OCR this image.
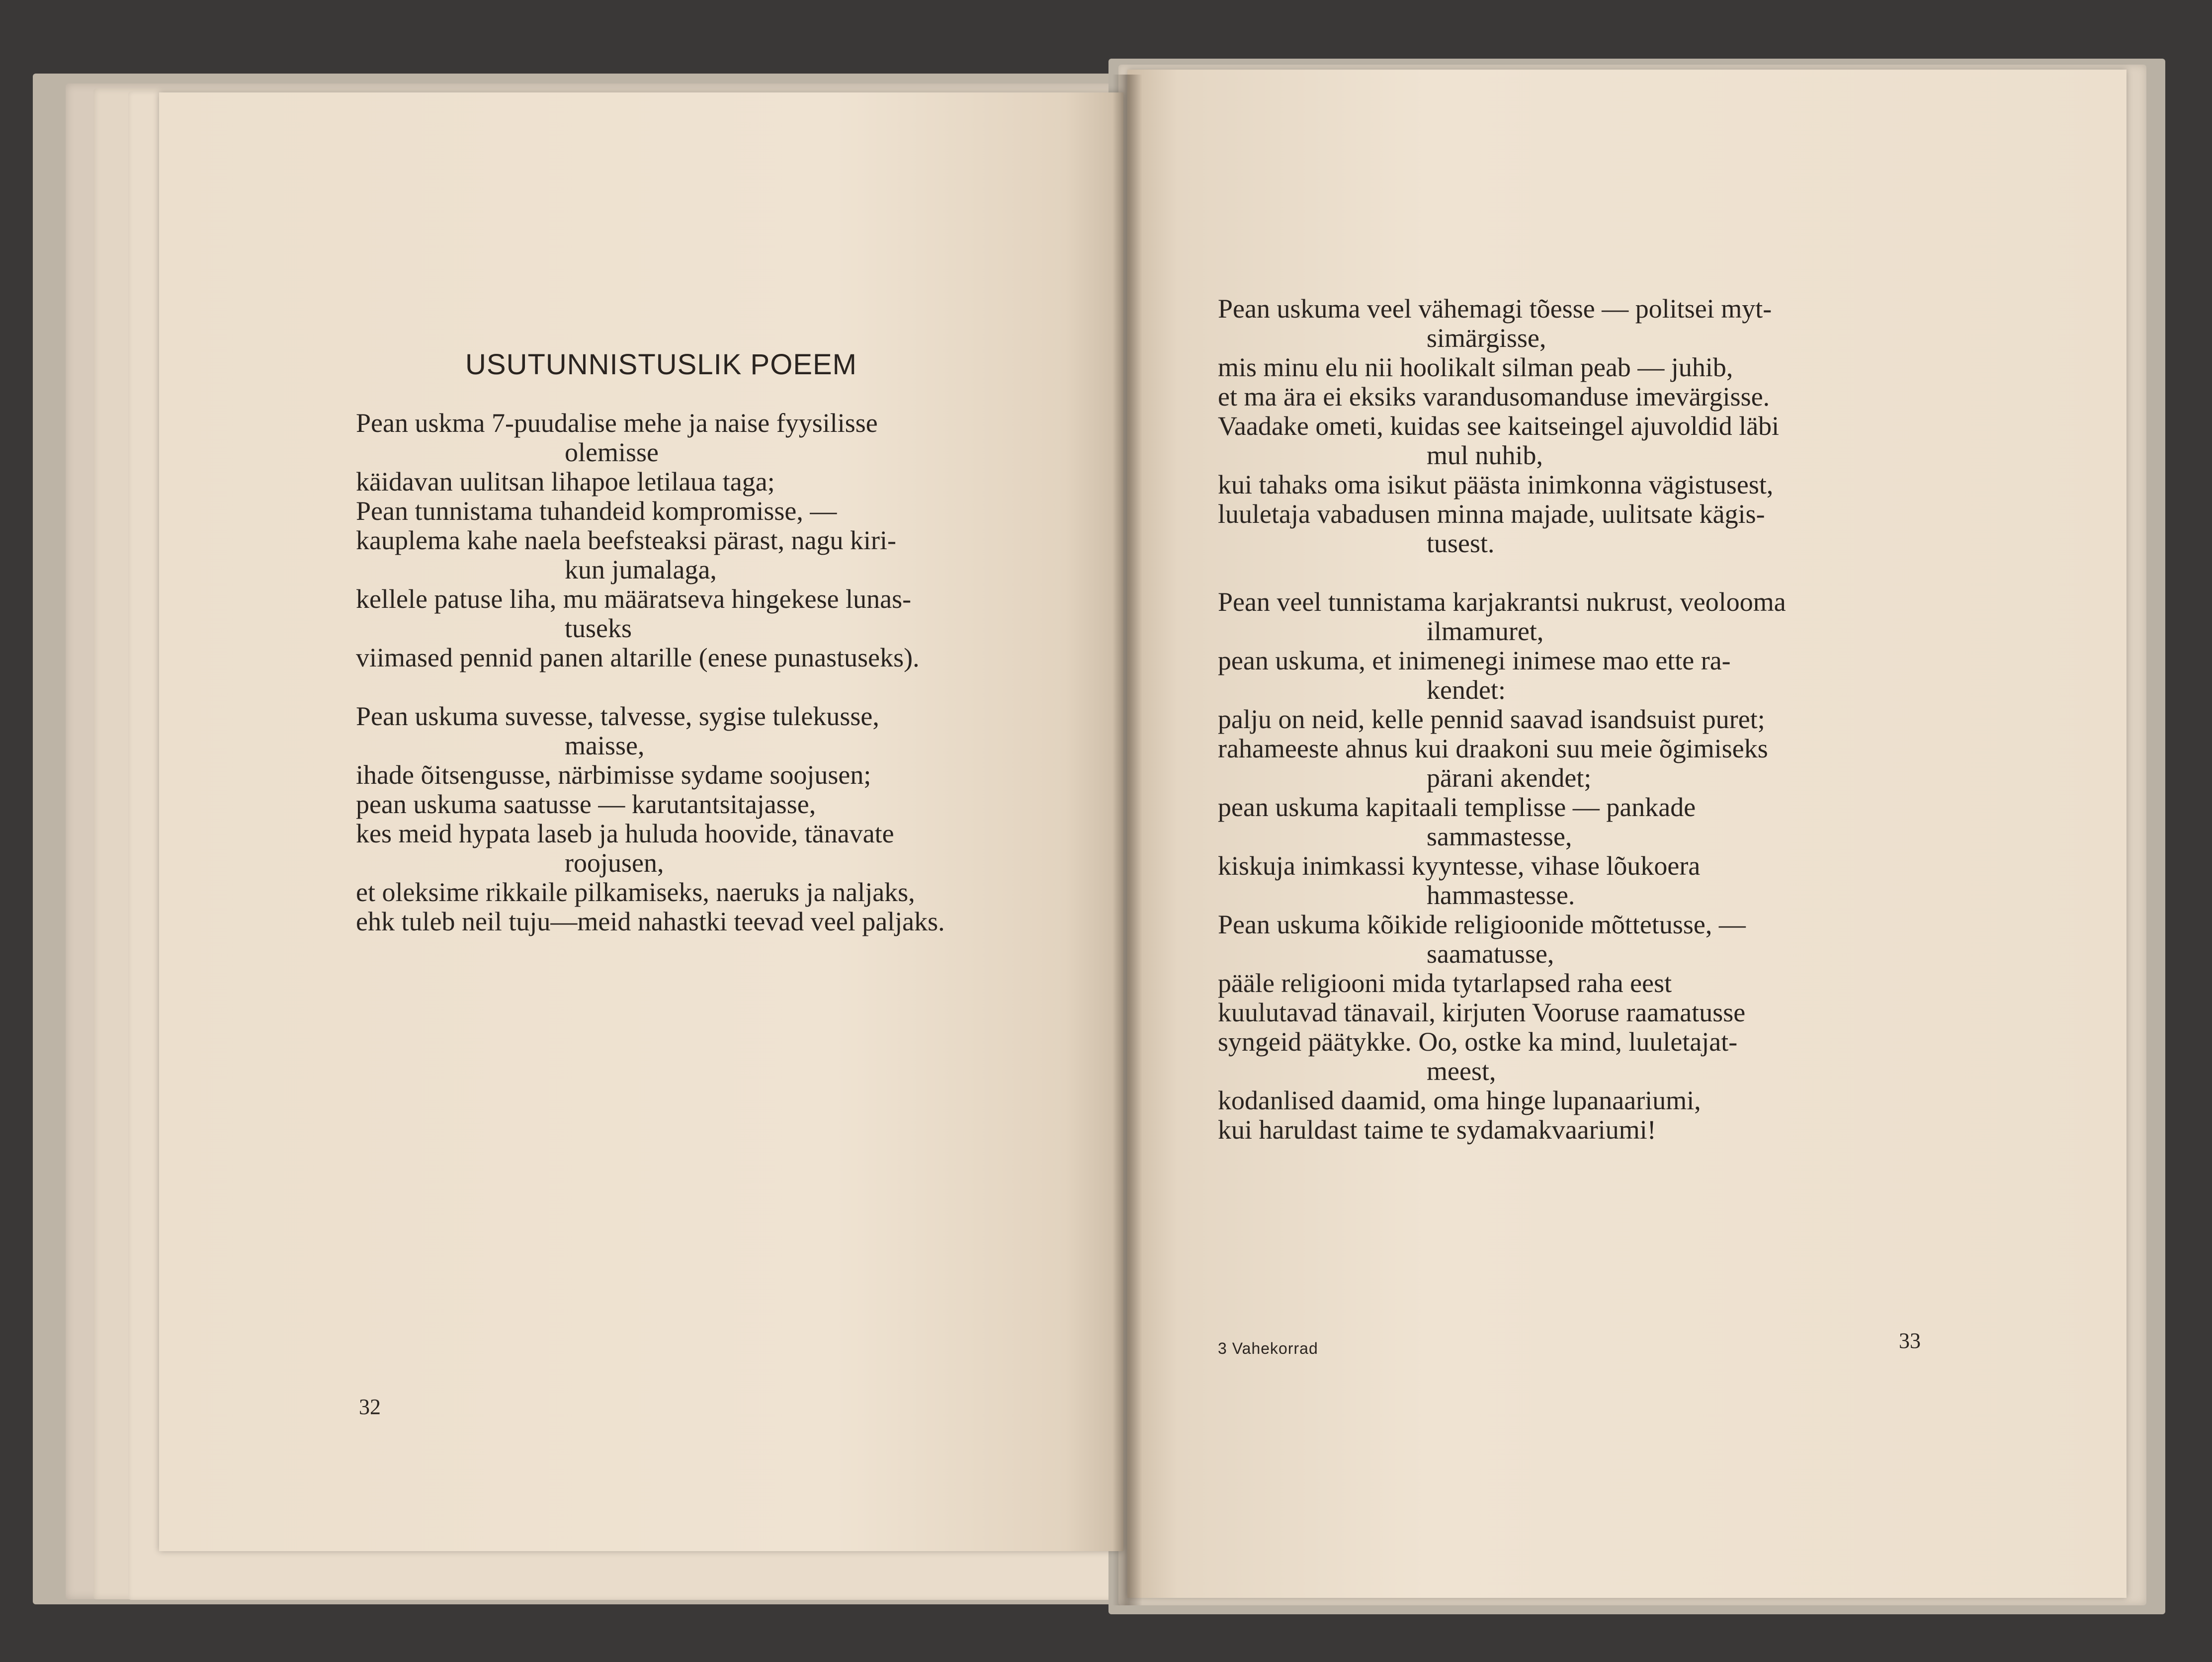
USUTUNNISTUSLIK POEEM
Pean uskma 7-puudalise mehe ja naise fyysilisse
olemisse
käidavan uulitsan lihapoe letilaua taga;
Pean tunnistama tuhandeid kompromisse, —
kauplema kahe naela beefsteaksi pärast, nagu kiri-
kun jumalaga,
kellele patuse liha, mu määratseva hingekese lunas-
tuseks
viimased pennid panen altarille (enese punastuseks).
Pean uskuma suvesse, talvesse, sygise tulekusse,
maisse,
ihade õitsengusse, närbimisse sydame soojusen;
pean uskuma saatusse — karutantsitajasse,
kes meid hypata laseb ja huluda hoovide, tänavate
roojusen,
et oleksime rikkaile pilkamiseks, naeruks ja naljaks,
ehk tuleb neil tuju—meid nahastki teevad veel paljaks.
32
Pean uskuma veel vähemagi tõesse — politsei myt-
simärgisse,
mis minu elu nii hoolikalt silman peab — juhib,
et ma ära ei eksiks varandusomanduse imevärgisse.
Vaadake ometi, kuidas see kaitseingel ajuvoldid läbi
mul nuhib,
kui tahaks oma isikut päästa inimkonna vägistusest,
luuletaja vabadusen minna majade, uulitsate kägis-
tusest.
Pean veel tunnistama karjakrantsi nukrust, veolooma
ilmamuret,
pean uskuma, et inimenegi inimese mao ette ra-
kendet:
palju on neid, kelle pennid saavad isandsuist puret;
rahameeste ahnus kui draakoni suu meie õgimiseks
pärani akendet;
pean uskuma kapitaali templisse — pankade
sammastesse,
kiskuja inimkassi kyyntesse, vihase lõukoera
hammastesse.
Pean uskuma kõikide religioonide mõttetusse, —
saamatusse,
pääle religiooni mida tytarlapsed raha eest
kuulutavad tänavail, kirjuten Vooruse raamatusse
syngeid päätykke. Oo, ostke ka mind, luuletajat-
meest,
kodanlised daamid, oma hinge lupanaariumi,
kui haruldast taime te sydamakvaariumi!
3 Vahekorrad	33
